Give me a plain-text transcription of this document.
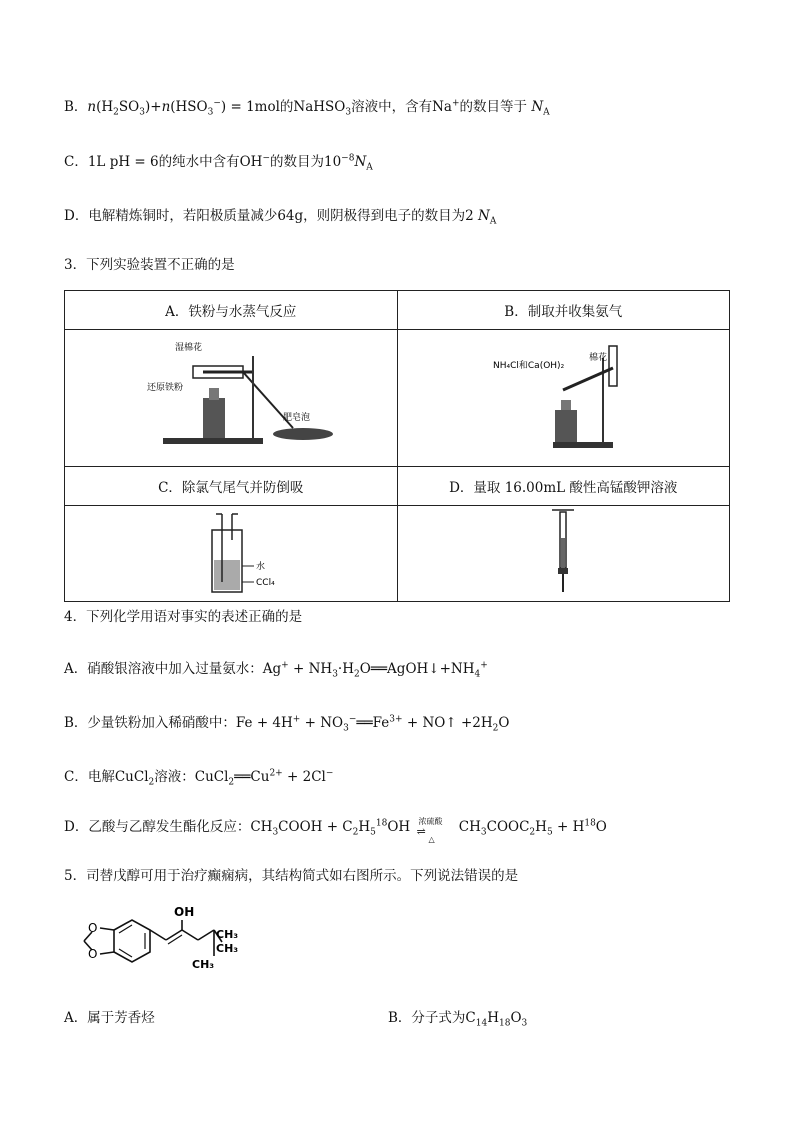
B．$n(H_2SO_3)+n(HSO_3^-) = 1mol$的NaHSO$_3$溶液中，含有Na+的数目等于 $N_A$
C．1L pH = 6的纯水中含有OH−的数目为$10^{-8}N_A$
D．电解精炼铜时，若阳极质量减少64g，则阴极得到电子的数目为2 $N_A$
3．下列实验装置不正确的是
A．铁粉与水蒸气反应	B．制取并收集氨气

湿棉花
还原铁粉
肥皂泡	NH₄Cl和Ca(OH)₂
棉花

C．除氯气尾气并防倒吸	D．量取 16.00mL 酸性高锰酸钾溶液

水
CCl₄

4．下列化学用语对事实的表述正确的是
A．硝酸银溶液中加入过量氨水：$Ag^+ + NH_3\cdot H_2O══AgOH↓+NH_4^+$
B．少量铁粉加入稀硝酸中：$Fe + 4H^+ + NO_3^-══Fe^{3+}$ + NO↑ $+2H_2O$
C．电解CuCl$_2$溶液：$CuCl_2══Cu^{2+} + 2Cl^-$
D．乙酸与乙醇发生酯化反应：$CH_3COOH + C_2H_5^{18}OH$ 浓硫酸
⇌
△
$CH_3COOC_2H_5 + H^{18}O$
5．司替戊醇可用于治疗癫痫病，其结构简式如右图所示。下列说法错误的是
O
O
OH
CH₃
CH₃
CH₃
A．属于芳香烃	B．分子式为$C_{14}H_{18}O_3$
